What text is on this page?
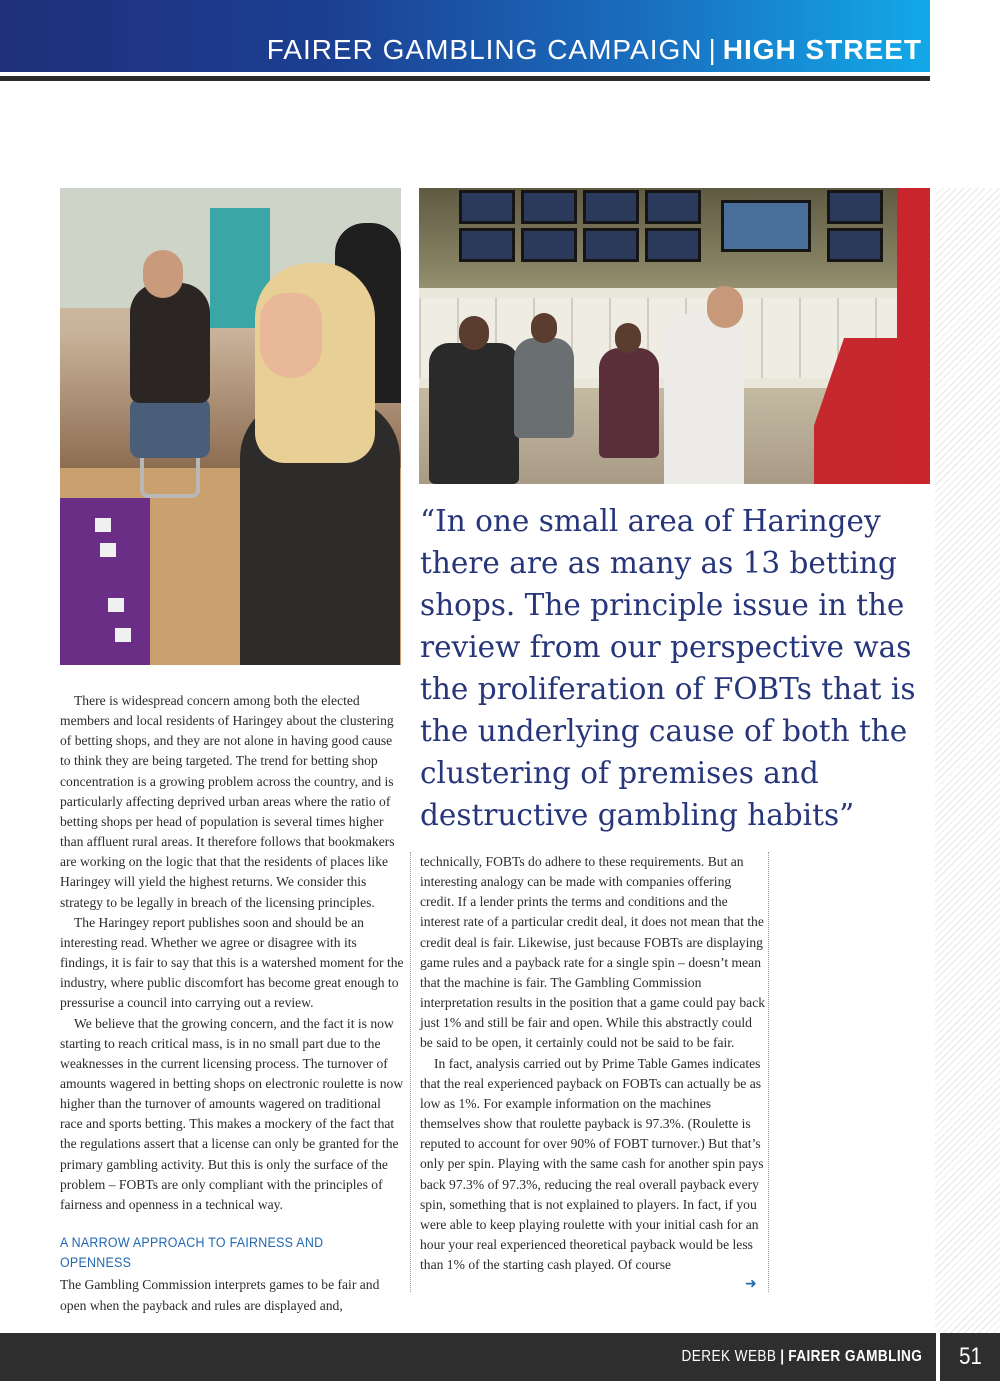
FAIRER GAMBLING CAMPAIGN | HIGH STREET
“In one small area of Haringey there are as many as 13 betting shops. The principle issue in the review from our perspective was the proliferation of FOBTs that is the underlying cause of both the clustering of premises and destructive gambling habits”

There is widespread concern among both the elected members and local residents of Haringey about the clustering of betting shops, and they are not alone in having good cause to think they are being targeted. The trend for betting shop concentration is a growing problem across the country, and is particularly affecting deprived urban areas where the ratio of betting shops per head of population is several times higher than affluent rural areas. It therefore follows that bookmakers are working on the logic that that the residents of places like Haringey will yield the highest returns. We consider this strategy to be legally in breach of the licensing principles.

The Haringey report publishes soon and should be an interesting read. Whether we agree or disagree with its findings, it is fair to say that this is a watershed moment for the industry, where public discomfort has become great enough to pressurise a council into carrying out a review.

We believe that the growing concern, and the fact it is now starting to reach critical mass, is in no small part due to the weaknesses in the current licensing process. The turnover of amounts wagered in betting shops on electronic roulette is now higher than the turnover of amounts wagered on traditional race and sports betting. This makes a mockery of the fact that the regulations assert that a license can only be granted for the primary gambling activity. But this is only the surface of the problem – FOBTs are only compliant with the principles of fairness and openness in a technical way.

A NARROW APPROACH TO FAIRNESS AND OPENNESS

The Gambling Commission interprets games to be fair and open when the payback and rules are displayed and,

technically, FOBTs do adhere to these requirements. But an interesting analogy can be made with companies offering credit. If a lender prints the terms and conditions and the interest rate of a particular credit deal, it does not mean that the credit deal is fair. Likewise, just because FOBTs are displaying game rules and a payback rate for a single spin – doesn’t mean that the machine is fair. The Gambling Commission interpretation results in the position that a game could pay back just 1% and still be fair and open. While this abstractly could be said to be open, it certainly could not be said to be fair.

In fact, analysis carried out by Prime Table Games indicates that the real experienced payback on FOBTs can actually be as low as 1%. For example information on the machines themselves show that roulette payback is 97.3%. (Roulette is reputed to account for over 90% of FOBT turnover.) But that’s only per spin. Playing with the same cash for another spin pays back 97.3% of 97.3%, reducing the real overall payback every spin, something that is not explained to players. In fact, if you were able to keep playing roulette with your initial cash for an hour your real experienced theoretical payback would be less than 1% of the starting cash played. Of course

➜
DEREK WEBB | FAIRER GAMBLING	51
